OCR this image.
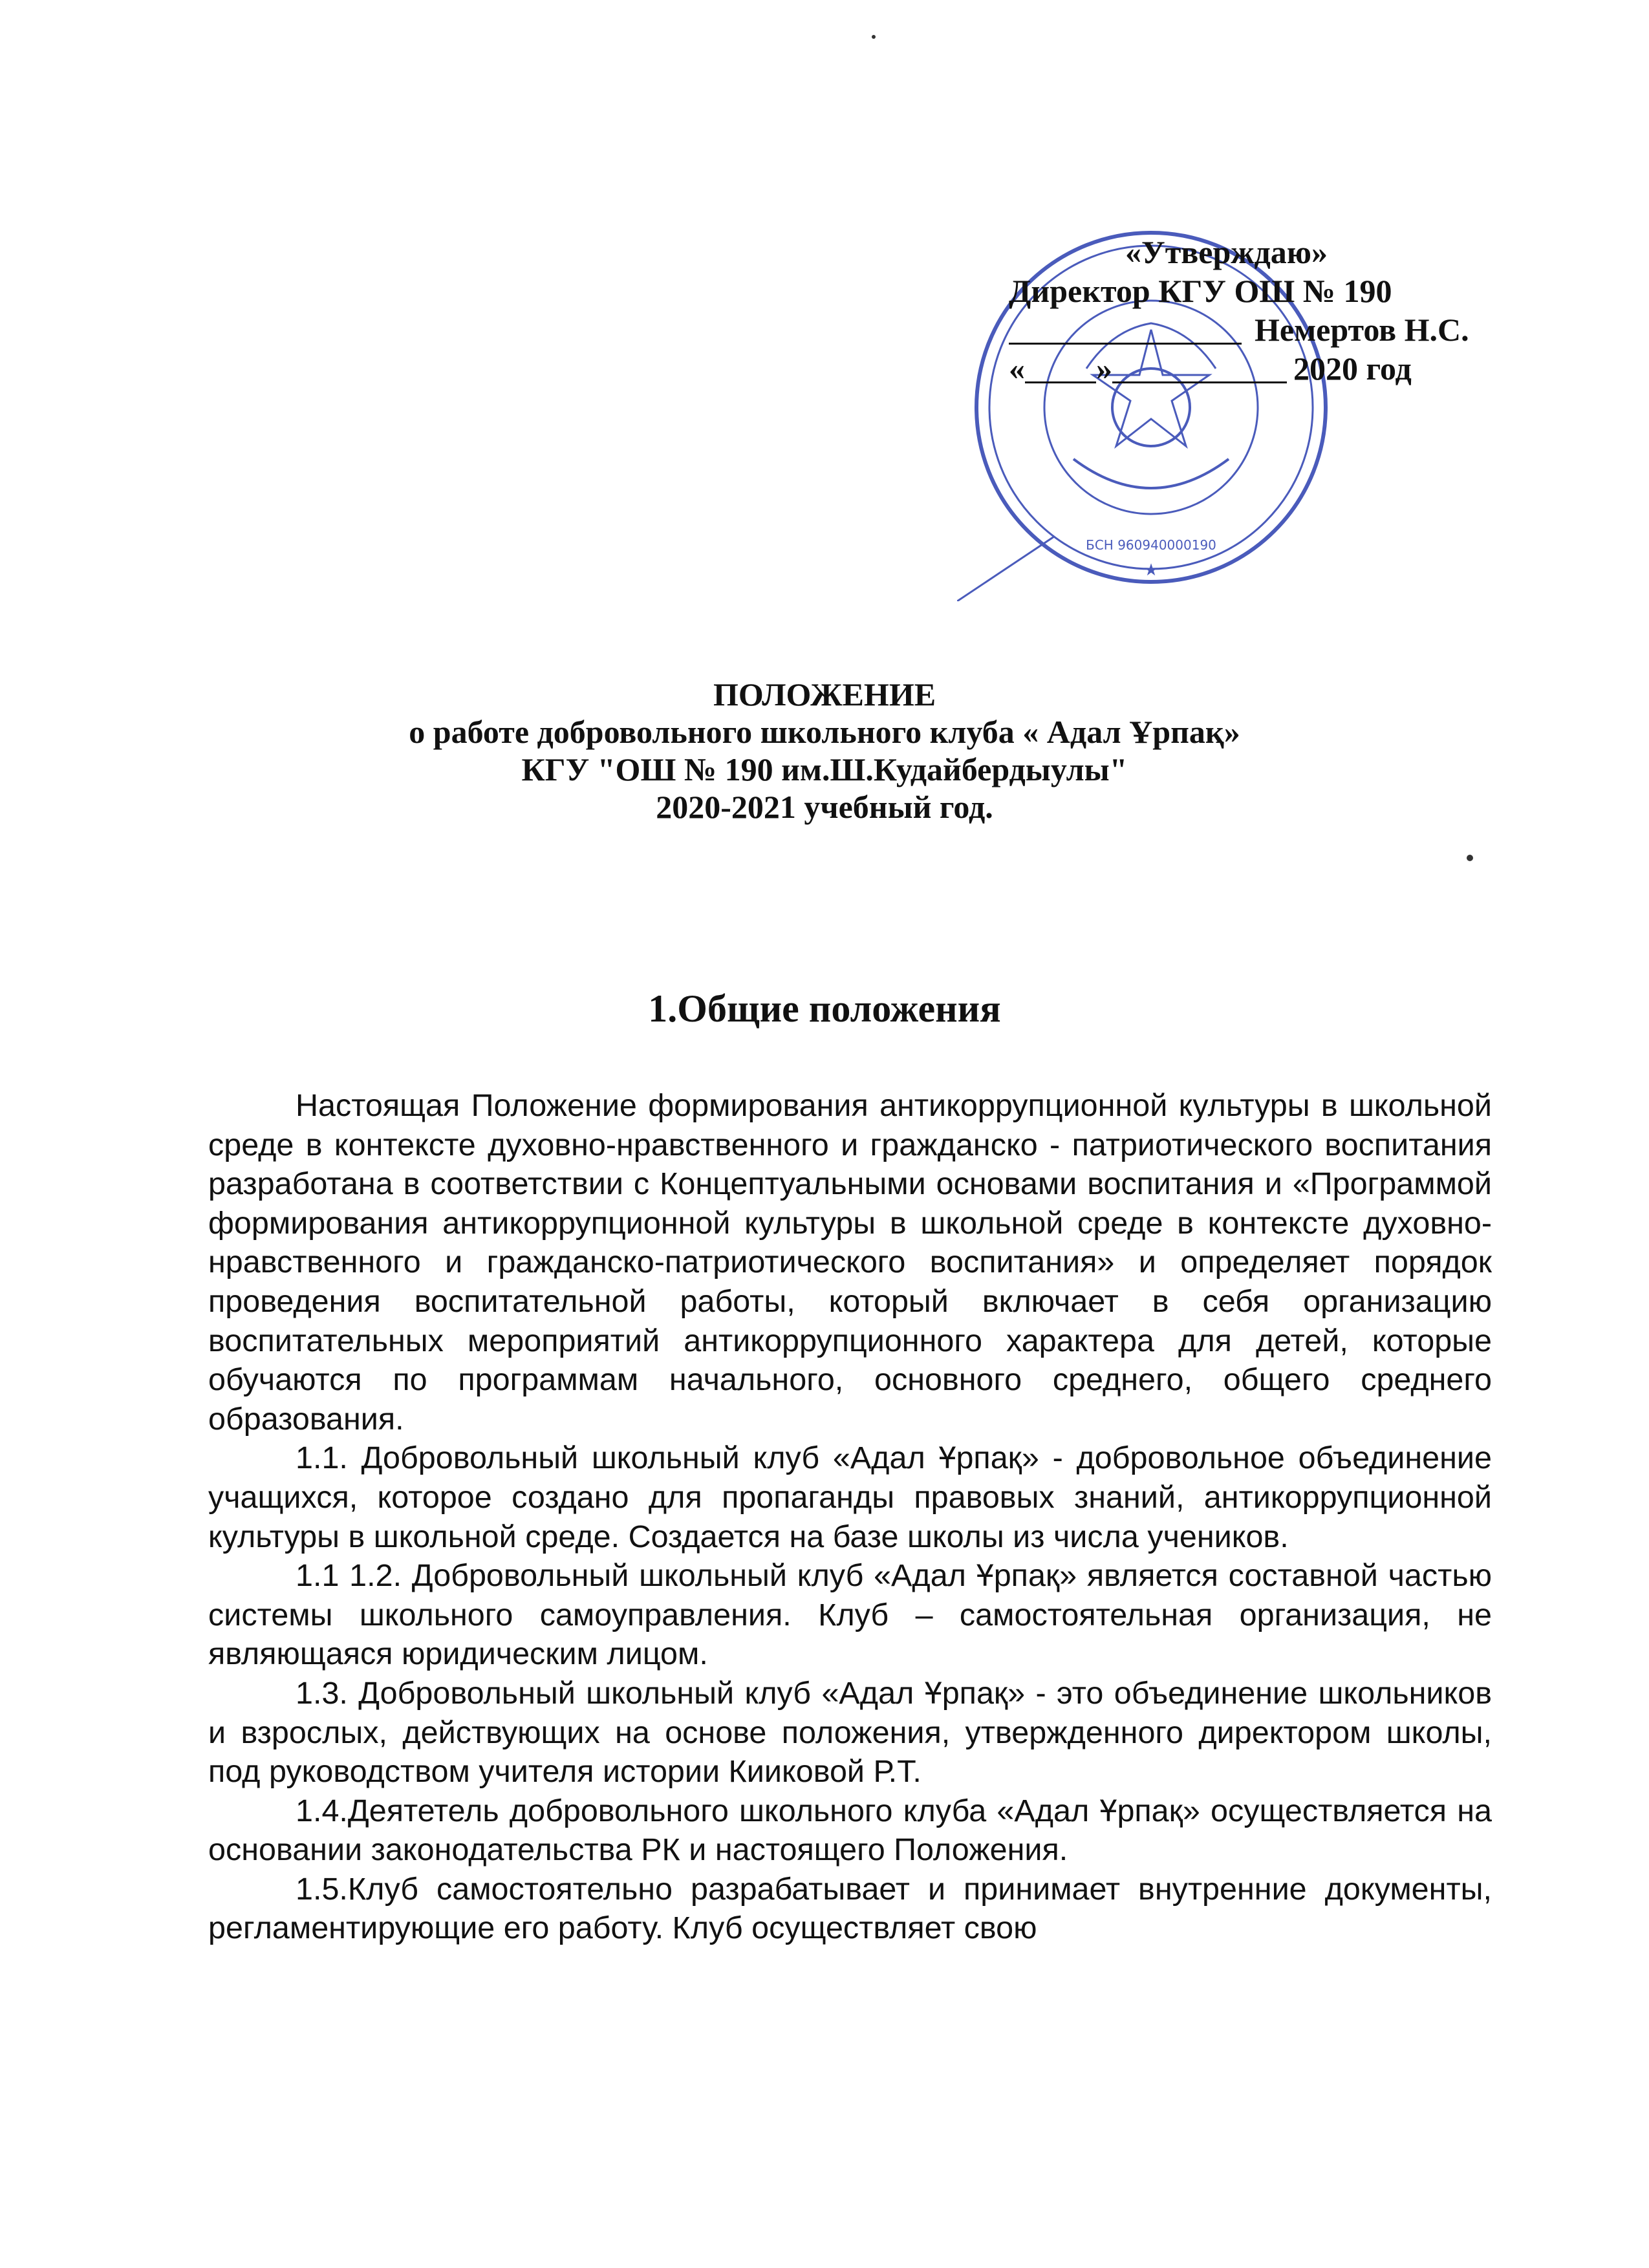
БСН 960940000190
★
«Утверждаю»
Директор КГУ ОШ № 190
Немертов Н.С.
« »	2020 год
ПОЛОЖЕНИЕ
о работе добровольного школьного клуба « Адал Ұрпақ»
КГУ "ОШ № 190 им.Ш.Кудайбердыулы"
2020-2021 учебный год.
1.Общие положения

Настоящая Положение формирования антикоррупционной культуры в школьной среде в контексте духовно-нравственного и гражданско - патриотического воспитания разработана в соответствии с Концептуальными основами воспитания и «Программой формирования антикоррупционной культуры в школьной среде в контексте духовно-нравственного и гражданско-патриотического воспитания» и определяет порядок проведения воспитательной работы, который включает в себя организацию воспитательных мероприятий антикоррупционного характера для детей, которые обучаются по программам начального, основного среднего, общего среднего образования.

1.1. Добровольный школьный клуб «Адал Ұрпақ» - добровольное объединение учащихся, которое создано для пропаганды правовых знаний, антикоррупционной культуры в школьной среде. Создается на базе школы из числа учеников.

1.1 1.2. Добровольный школьный клуб «Адал Ұрпақ» является составной частью системы школьного самоуправления. Клуб – самостоятельная организация, не являющаяся юридическим лицом.

1.3. Добровольный школьный клуб «Адал Ұрпақ» - это объединение школьников и взрослых, действующих на основе положения, утвержденного директором школы, под руководством учителя истории Кииковой Р.Т.

1.4.Деятетель добровольного школьного клуба «Адал Ұрпақ» осуществляется на основании законодательства РК и настоящего Положения.

1.5.Клуб самостоятельно разрабатывает и принимает внутренние документы, регламентирующие его работу. Клуб осуществляет свою
